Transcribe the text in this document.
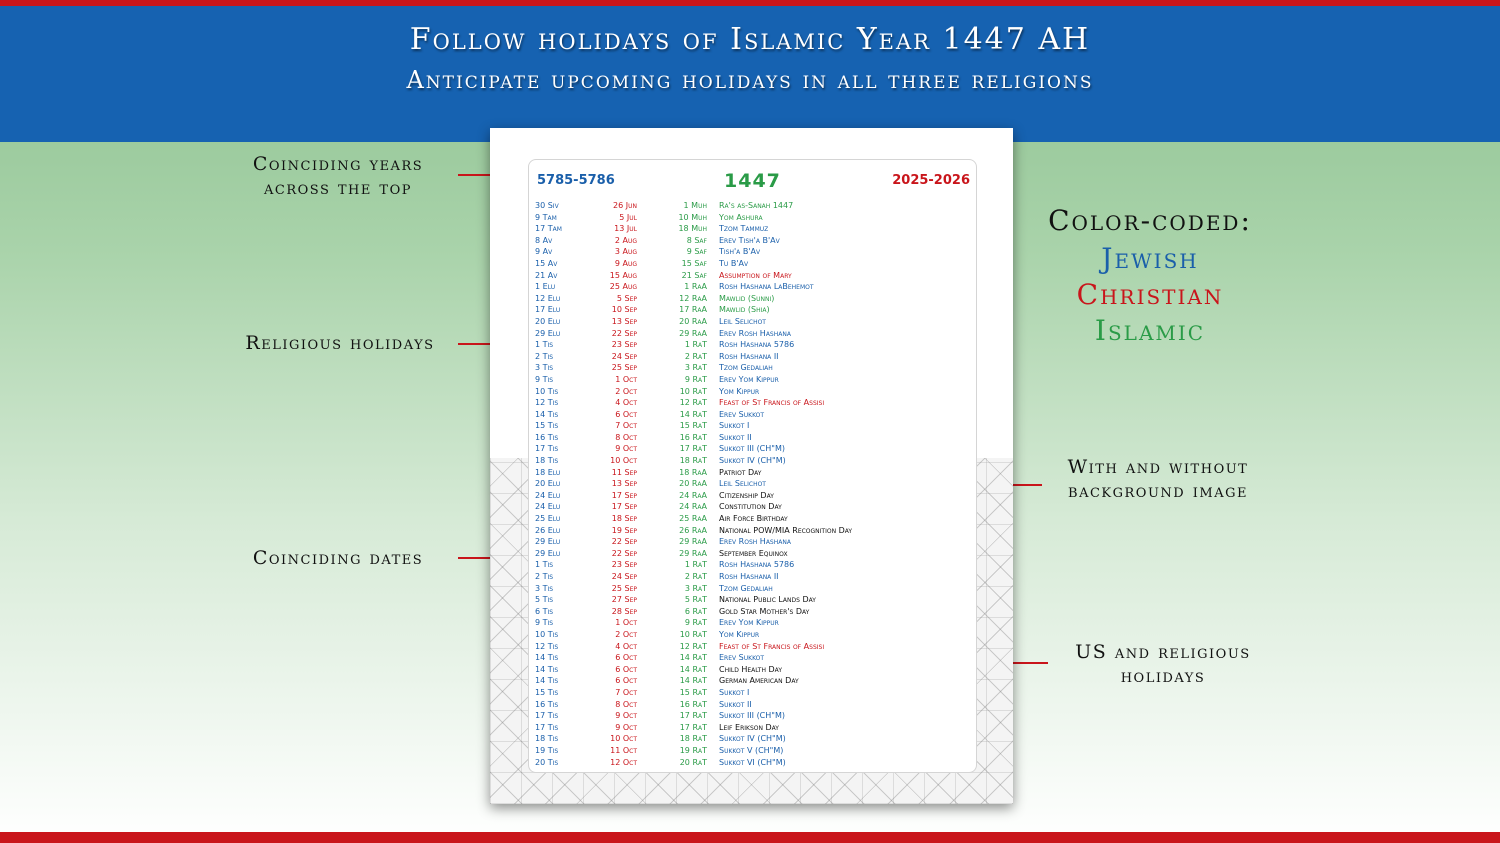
Follow holidays of Islamic Year 1447 AH
Anticipate upcoming holidays in all three religions
Coinciding years
across the top
Religious holidays
Coinciding dates
Color-coded:
Jewish
Christian
Islamic
With and without
background image
US and religious
holidays
5785-5786	1447	2025-2026
30 Siv	26 Jun	1 Muh Ra's as-Sanah 1447
9 Tam	5 Jul	10 Muh Yom Ashura
17 Tam	13 Jul	18 Muh Tzom Tammuz
8 Av	2 Aug	8 Saf Erev Tish'a B'Av
9 Av	3 Aug	9 Saf Tish'a B'Av
15 Av	9 Aug	15 Saf Tu B'Av
21 Av	15 Aug	21 Saf Assumption of Mary
1 Elu	25 Aug	1 RaA Rosh Hashana LaBehemot
12 Elu	5 Sep	12 RaA Mawlid (Sunni)
17 Elu	10 Sep	17 RaA Mawlid (Shia)
20 Elu	13 Sep	20 RaA Leil Selichot
29 Elu	22 Sep	29 RaA Erev Rosh Hashana
1 Tis	23 Sep	1 RaT Rosh Hashana 5786
2 Tis	24 Sep	2 RaT Rosh Hashana II
3 Tis	25 Sep	3 RaT Tzom Gedaliah
9 Tis	1 Oct	9 RaT Erev Yom Kippur
10 Tis	2 Oct	10 RaT Yom Kippur
12 Tis	4 Oct	12 RaT Feast of St Francis of Assisi
14 Tis	6 Oct	14 RaT Erev Sukkot
15 Tis	7 Oct	15 RaT Sukkot I
16 Tis	8 Oct	16 RaT Sukkot II
17 Tis	9 Oct	17 RaT Sukkot III (CH"M)
18 Tis	10 Oct	18 RaT Sukkot IV (CH"M)
18 Elu	11 Sep	18 RaA Patriot Day
20 Elu	13 Sep	20 RaA Leil Selichot
24 Elu	17 Sep	24 RaA Citizenship Day
24 Elu	17 Sep	24 RaA Constitution Day
25 Elu	18 Sep	25 RaA Air Force Birthday
26 Elu	19 Sep	26 RaA National POW/MIA Recognition Day
29 Elu	22 Sep	29 RaA Erev Rosh Hashana
29 Elu	22 Sep	29 RaA September Equinox
1 Tis	23 Sep	1 RaT Rosh Hashana 5786
2 Tis	24 Sep	2 RaT Rosh Hashana II
3 Tis	25 Sep	3 RaT Tzom Gedaliah
5 Tis	27 Sep	5 RaT National Public Lands Day
6 Tis	28 Sep	6 RaT Gold Star Mother's Day
9 Tis	1 Oct	9 RaT Erev Yom Kippur
10 Tis	2 Oct	10 RaT Yom Kippur
12 Tis	4 Oct	12 RaT Feast of St Francis of Assisi
14 Tis	6 Oct	14 RaT Erev Sukkot
14 Tis	6 Oct	14 RaT Child Health Day
14 Tis	6 Oct	14 RaT German American Day
15 Tis	7 Oct	15 RaT Sukkot I
16 Tis	8 Oct	16 RaT Sukkot II
17 Tis	9 Oct	17 RaT Sukkot III (CH"M)
17 Tis	9 Oct	17 RaT Leif Erikson Day
18 Tis	10 Oct	18 RaT Sukkot IV (CH"M)
19 Tis	11 Oct	19 RaT Sukkot V (CH"M)
20 Tis	12 Oct	20 RaT Sukkot VI (CH"M)
